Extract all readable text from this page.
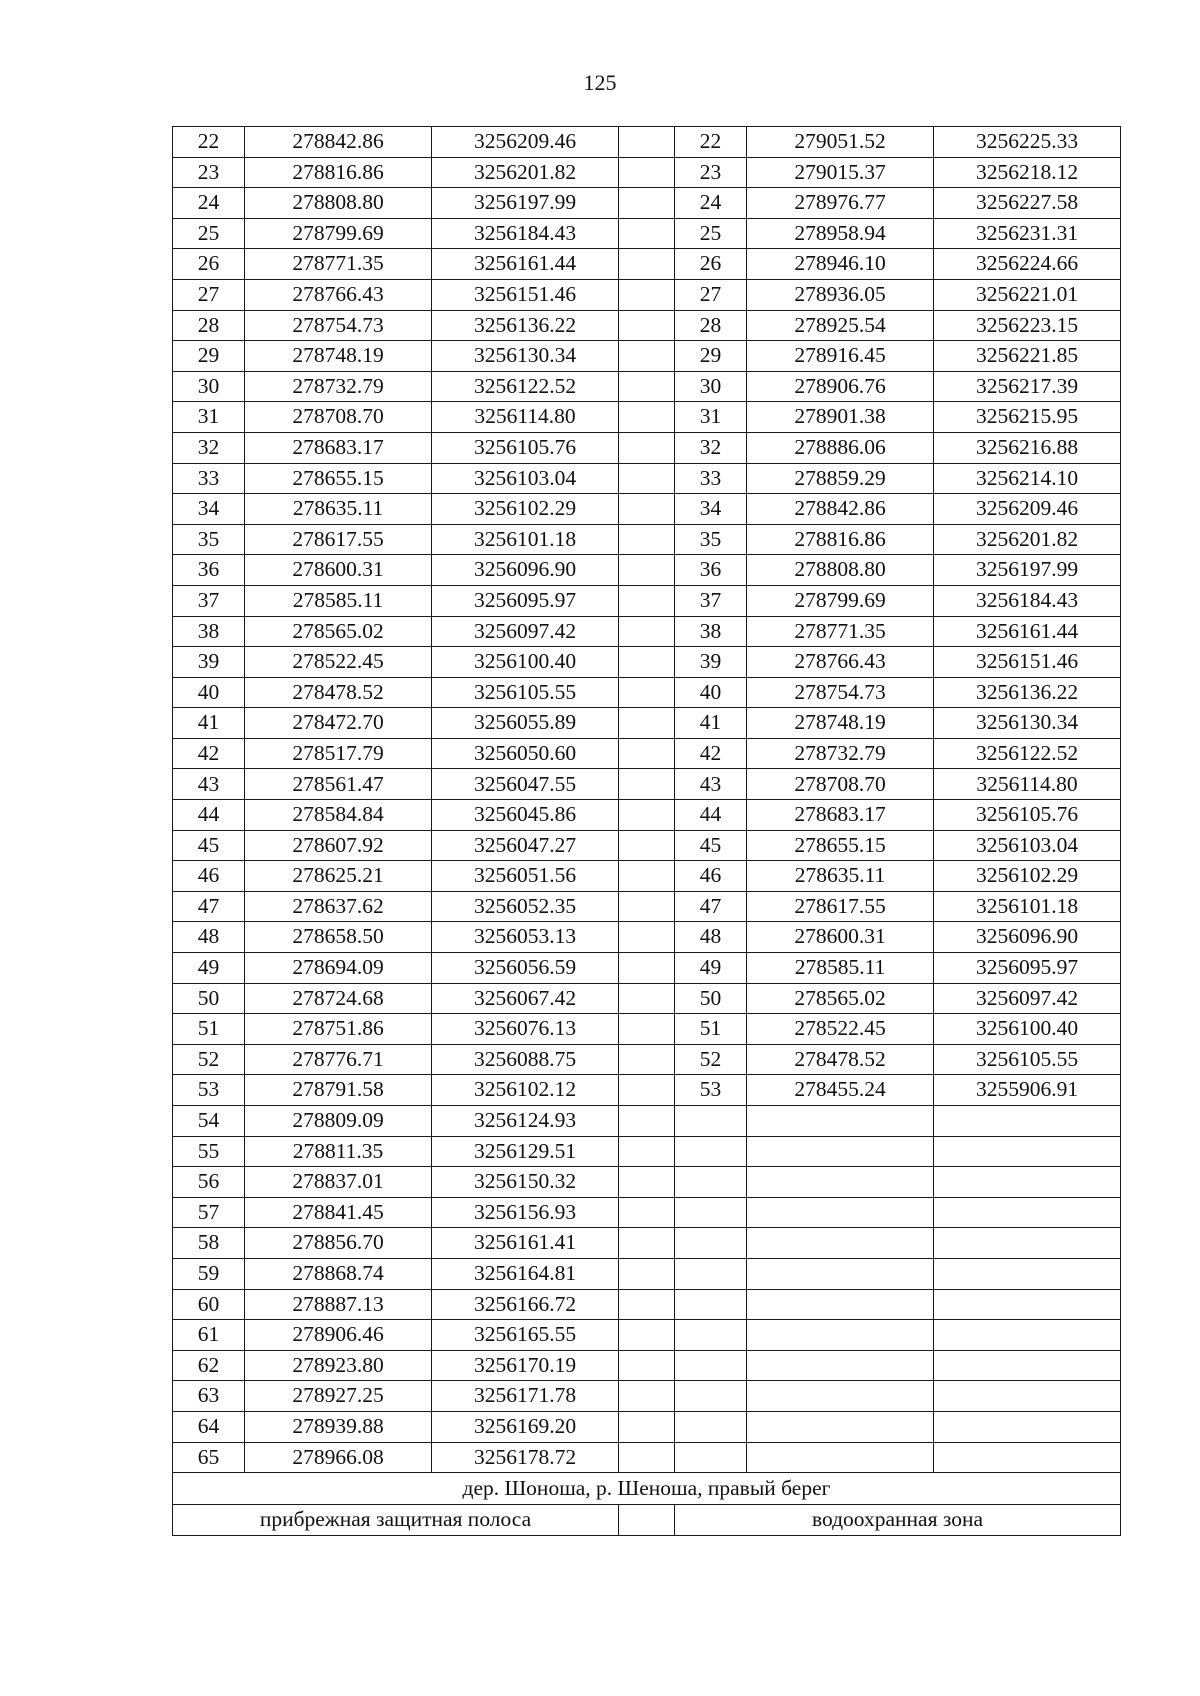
125
22	278842.86	3256209.46		22	279051.52	3256225.33
23	278816.86	3256201.82		23	279015.37	3256218.12
24	278808.80	3256197.99		24	278976.77	3256227.58
25	278799.69	3256184.43		25	278958.94	3256231.31
26	278771.35	3256161.44		26	278946.10	3256224.66
27	278766.43	3256151.46		27	278936.05	3256221.01
28	278754.73	3256136.22		28	278925.54	3256223.15
29	278748.19	3256130.34		29	278916.45	3256221.85
30	278732.79	3256122.52		30	278906.76	3256217.39
31	278708.70	3256114.80		31	278901.38	3256215.95
32	278683.17	3256105.76		32	278886.06	3256216.88
33	278655.15	3256103.04		33	278859.29	3256214.10
34	278635.11	3256102.29		34	278842.86	3256209.46
35	278617.55	3256101.18		35	278816.86	3256201.82
36	278600.31	3256096.90		36	278808.80	3256197.99
37	278585.11	3256095.97		37	278799.69	3256184.43
38	278565.02	3256097.42		38	278771.35	3256161.44
39	278522.45	3256100.40		39	278766.43	3256151.46
40	278478.52	3256105.55		40	278754.73	3256136.22
41	278472.70	3256055.89		41	278748.19	3256130.34
42	278517.79	3256050.60		42	278732.79	3256122.52
43	278561.47	3256047.55		43	278708.70	3256114.80
44	278584.84	3256045.86		44	278683.17	3256105.76
45	278607.92	3256047.27		45	278655.15	3256103.04
46	278625.21	3256051.56		46	278635.11	3256102.29
47	278637.62	3256052.35		47	278617.55	3256101.18
48	278658.50	3256053.13		48	278600.31	3256096.90
49	278694.09	3256056.59		49	278585.11	3256095.97
50	278724.68	3256067.42		50	278565.02	3256097.42
51	278751.86	3256076.13		51	278522.45	3256100.40
52	278776.71	3256088.75		52	278478.52	3256105.55
53	278791.58	3256102.12		53	278455.24	3255906.91
54	278809.09	3256124.93				
55	278811.35	3256129.51				
56	278837.01	3256150.32				
57	278841.45	3256156.93				
58	278856.70	3256161.41				
59	278868.74	3256164.81				
60	278887.13	3256166.72				
61	278906.46	3256165.55				
62	278923.80	3256170.19				
63	278927.25	3256171.78				
64	278939.88	3256169.20				
65	278966.08	3256178.72				
дер. Шоноша, р. Шеноша, правый берег						
прибрежная защитная полоса				водоохранная зона		
